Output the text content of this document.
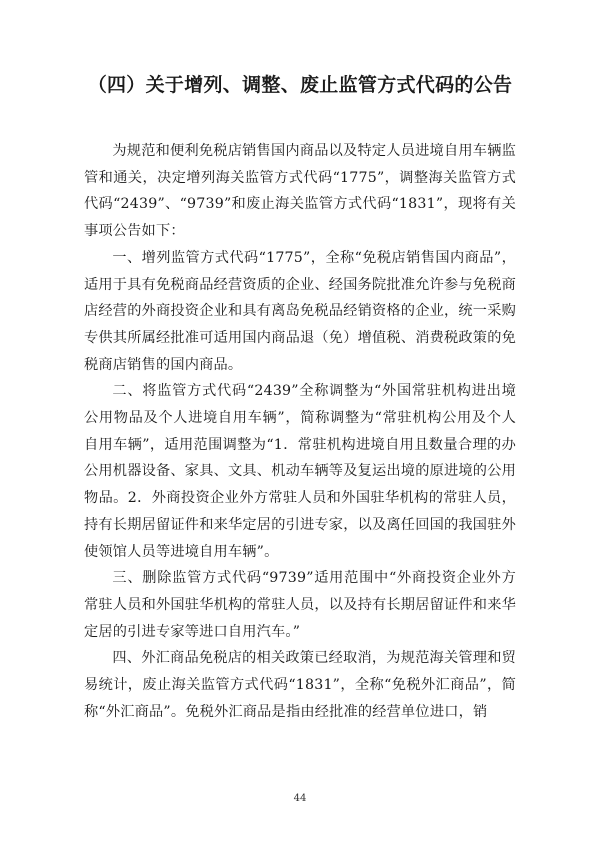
（四）关于增列、调整、废止监管方式代码的公告

为规范和便利免税店销售国内商品以及特定人员进境自用车辆监管和通关，决定增列海关监管方式代码“1775”，调整海关监管方式代码“2439”、“9739”和废止海关监管方式代码“1831”，现将有关事项公告如下：

一、增列监管方式代码“1775”，全称“免税店销售国内商品”，适用于具有免税商品经营资质的企业、经国务院批准允许参与免税商店经营的外商投资企业和具有离岛免税品经销资格的企业，统一采购专供其所属经批准可适用国内商品退（免）增值税、消费税政策的免税商店销售的国内商品。

二、将监管方式代码“2439”全称调整为“外国常驻机构进出境公用物品及个人进境自用车辆”，简称调整为“常驻机构公用及个人自用车辆”，适用范围调整为“1．常驻机构进境自用且数量合理的办公用机器设备、家具、文具、机动车辆等及复运出境的原进境的公用物品。2．外商投资企业外方常驻人员和外国驻华机构的常驻人员，持有长期居留证件和来华定居的引进专家，以及离任回国的我国驻外使领馆人员等进境自用车辆”。

三、删除监管方式代码“9739”适用范围中“外商投资企业外方常驻人员和外国驻华机构的常驻人员，以及持有长期居留证件和来华定居的引进专家等进口自用汽车。”

四、外汇商品免税店的相关政策已经取消，为规范海关管理和贸易统计，废止海关监管方式代码“1831”，全称“免税外汇商品”，简称“外汇商品”。免税外汇商品是指由经批准的经营单位进口，销

44
